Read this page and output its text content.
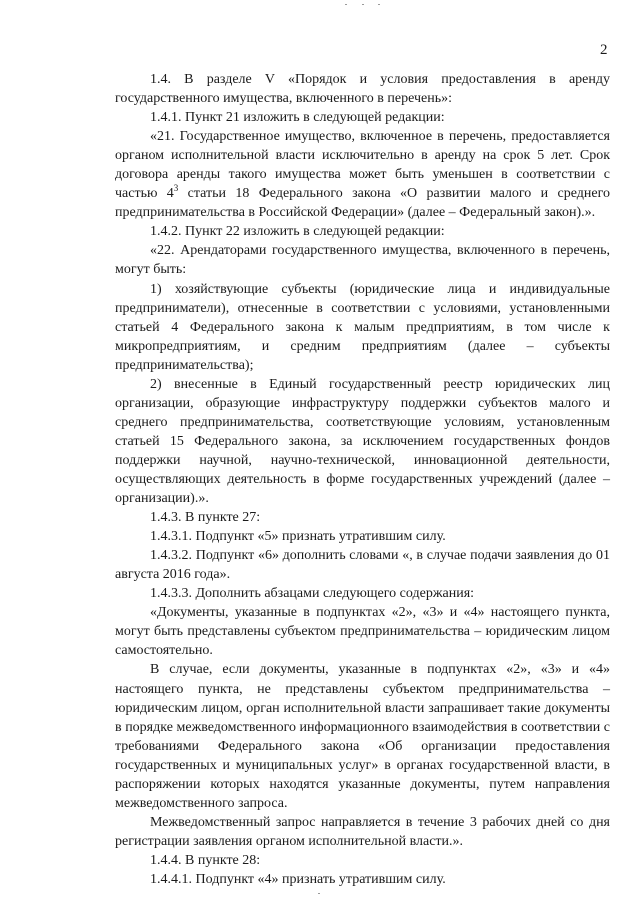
2

1.4. В разделе V «Порядок и условия предоставления в аренду государственного имущества, включенного в перечень»:

1.4.1. Пункт 21 изложить в следующей редакции:

«21. Государственное имущество, включенное в перечень, предоставляется органом исполнительной власти исключительно в аренду на срок 5 лет. Срок договора аренды такого имущества может быть уменьшен в соответствии с частью $4^3$ статьи 18 Федерального закона «О развитии малого и среднего предпринимательства в Российской Федерации» (далее – Федеральный закон).».

1.4.2. Пункт 22 изложить в следующей редакции:

«22. Арендаторами государственного имущества, включенного в перечень, могут быть:

1) хозяйствующие субъекты (юридические лица и индивидуальные предприниматели), отнесенные в соответствии с условиями, установленными статьей 4 Федерального закона к малым предприятиям, в том числе к микропредприятиям, и средним предприятиям (далее – субъекты предпринимательства);

2) внесенные в Единый государственный реестр юридических лиц организации, образующие инфраструктуру поддержки субъектов малого и среднего предпринимательства, соответствующие условиям, установленным статьей 15 Федерального закона, за исключением государственных фондов поддержки научной, научно-технической, инновационной деятельности, осуществляющих деятельность в форме государственных учреждений (далее – организации).».

1.4.3. В пункте 27:

1.4.3.1. Подпункт «5» признать утратившим силу.

1.4.3.2. Подпункт «6» дополнить словами «, в случае подачи заявления до 01 августа 2016 года».

1.4.3.3. Дополнить абзацами следующего содержания:

«Документы, указанные в подпунктах «2», «3» и «4» настоящего пункта, могут быть представлены субъектом предпринимательства – юридическим лицом самостоятельно.

В случае, если документы, указанные в подпунктах «2», «3» и «4» настоящего пункта, не представлены субъектом предпринимательства – юридическим лицом, орган исполнительной власти запрашивает такие документы в порядке межведомственного информационного взаимодействия в соответствии с требованиями Федерального закона «Об организации предоставления государственных и муниципальных услуг» в органах государственной власти, в распоряжении которых находятся указанные документы, путем направления межведомственного запроса.

Межведомственный запрос направляется в течение 3 рабочих дней со дня регистрации заявления органом исполнительной власти.».

1.4.4. В пункте 28:

1.4.4.1. Подпункт «4» признать утратившим силу.
